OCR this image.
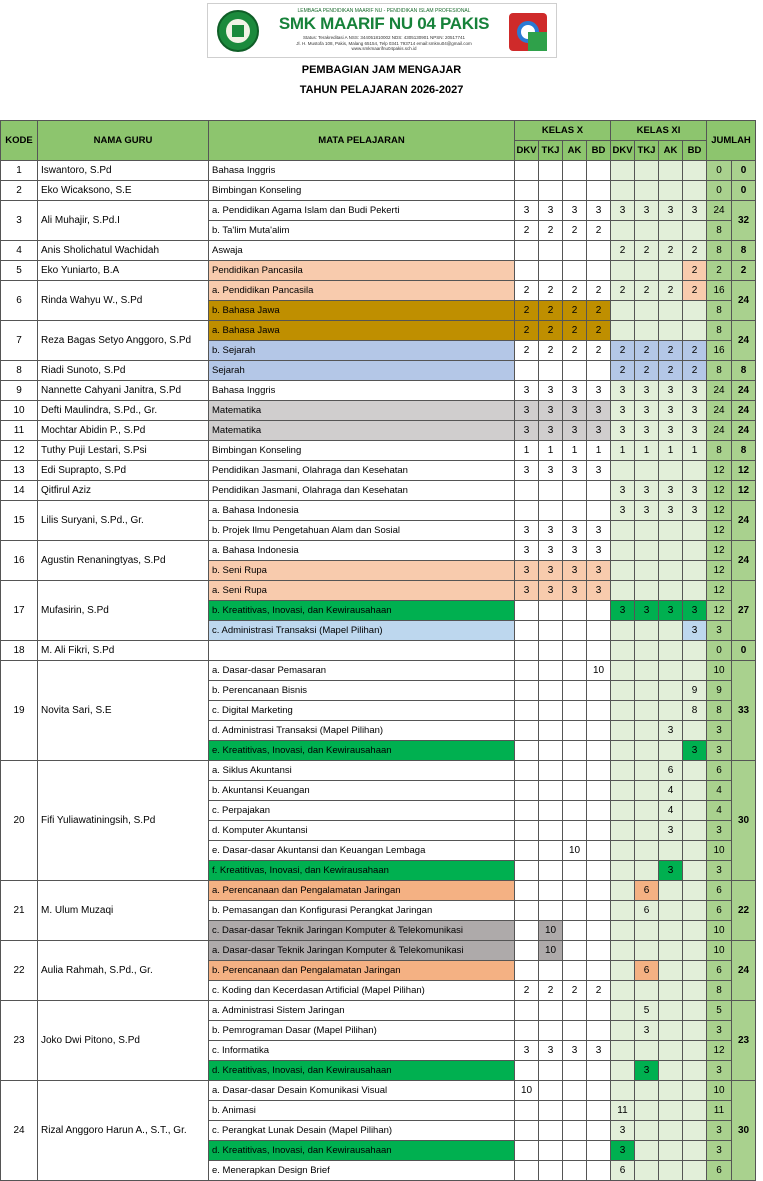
LEMBAGA PENDIDIKAN MAARIF NU - PENDIDIKAN ISLAM PROFESIONAL
SMK MAARIF NU 04 PAKIS
Status: Terakreditasi A NSS: 344051810002 NDS: 4305130901 NPSN: 20517741
Jl. H. Mustofa 108, Pakis, Malang 65154, Telp 0341 793714 email:smknu04@gmail.com
www.smkmaarifnu04pakis.sch.id
PEMBAGIAN JAM MENGAJAR
TAHUN PELAJARAN 2026-2027
KODE	NAMA GURU	MATA PELAJARAN	KELAS X				KELAS XI				JUMLAH	
			DKV	TKJ	AK	BD	DKV	TKJ	AK	BD		
1	Iswantoro, S.Pd	Bahasa Inggris									0	0
2	Eko Wicaksono, S.E	Bimbingan Konseling									0	0
3	Ali Muhajir, S.Pd.I	a. Pendidikan Agama Islam dan Budi Pekerti	3	3	3	3	3	3	3	3	24	32
		b. Ta'lim Muta'alim	2	2	2	2					8	
4	Anis Sholichatul Wachidah	Aswaja					2	2	2	2	8	8
5	Eko Yuniarto, B.A	Pendidikan Pancasila								2	2	2
6	Rinda Wahyu W., S.Pd	a. Pendidikan Pancasila	2	2	2	2	2	2	2	2	16	24
		b. Bahasa Jawa	2	2	2	2					8	
7	Reza Bagas Setyo Anggoro, S.Pd	a. Bahasa Jawa	2	2	2	2					8	24
		b. Sejarah	2	2	2	2	2	2	2	2	16	
8	Riadi Sunoto, S.Pd	Sejarah					2	2	2	2	8	8
9	Nannette Cahyani Janitra, S.Pd	Bahasa Inggris	3	3	3	3	3	3	3	3	24	24
10	Defti Maulindra, S.Pd., Gr.	Matematika	3	3	3	3	3	3	3	3	24	24
11	Mochtar Abidin P., S.Pd	Matematika	3	3	3	3	3	3	3	3	24	24
12	Tuthy Puji Lestari, S.Psi	Bimbingan Konseling	1	1	1	1	1	1	1	1	8	8
13	Edi Suprapto, S.Pd	Pendidikan Jasmani, Olahraga dan Kesehatan	3	3	3	3					12	12
14	Qitfirul Aziz	Pendidikan Jasmani, Olahraga dan Kesehatan					3	3	3	3	12	12
15	Lilis Suryani, S.Pd., Gr.	a. Bahasa Indonesia					3	3	3	3	12	24
		b. Projek Ilmu Pengetahuan Alam dan Sosial	3	3	3	3					12	
16	Agustin Renaningtyas, S.Pd	a. Bahasa Indonesia	3	3	3	3					12	24
		b. Seni Rupa	3	3	3	3					12	
17	Mufasirin, S.Pd	a. Seni Rupa	3	3	3	3					12	27
		b. Kreatitivas, Inovasi, dan Kewirausahaan					3	3	3	3	12	
		c. Administrasi Transaksi (Mapel Pilihan)								3	3	
18	M. Ali Fikri, S.Pd										0	0
19	Novita Sari, S.E	a. Dasar-dasar Pemasaran				10					10	33
		b. Perencanaan Bisnis								9	9	
		c. Digital Marketing								8	8	
		d. Administrasi Transaksi (Mapel Pilihan)							3		3	
		e. Kreatitivas, Inovasi, dan Kewirausahaan								3	3	
20	Fifi Yuliawatiningsih, S.Pd	a. Siklus Akuntansi							6		6	30
		b. Akuntansi Keuangan							4		4	
		c. Perpajakan							4		4	
		d. Komputer Akuntansi							3		3	
		e. Dasar-dasar Akuntansi dan Keuangan Lembaga			10						10	
		f. Kreatitivas, Inovasi, dan Kewirausahaan							3		3	
21	M. Ulum Muzaqi	a. Perencanaan dan Pengalamatan Jaringan						6			6	22
		b. Pemasangan dan Konfigurasi Perangkat Jaringan						6			6	
		c. Dasar-dasar Teknik Jaringan Komputer & Telekomunikasi		10							10	
22	Aulia Rahmah, S.Pd., Gr.	a. Dasar-dasar Teknik Jaringan Komputer & Telekomunikasi		10							10	24
		b. Perencanaan dan Pengalamatan Jaringan						6			6	
		c. Koding dan Kecerdasan Artificial (Mapel Pilihan)	2	2	2	2					8	
23	Joko Dwi Pitono, S.Pd	a. Administrasi Sistem Jaringan						5			5	23
		b. Pemrograman Dasar (Mapel Pilihan)						3			3	
		c. Informatika	3	3	3	3					12	
		d. Kreatitivas, Inovasi, dan Kewirausahaan						3			3	
24	Rizal Anggoro Harun A., S.T., Gr.	a. Dasar-dasar Desain Komunikasi Visual	10								10	30
		b. Animasi					11				11	
		c. Perangkat Lunak Desain (Mapel Pilihan)					3				3	
		d. Kreatitivas, Inovasi, dan Kewirausahaan					3				3	
		e. Menerapkan Design Brief					6				6	
